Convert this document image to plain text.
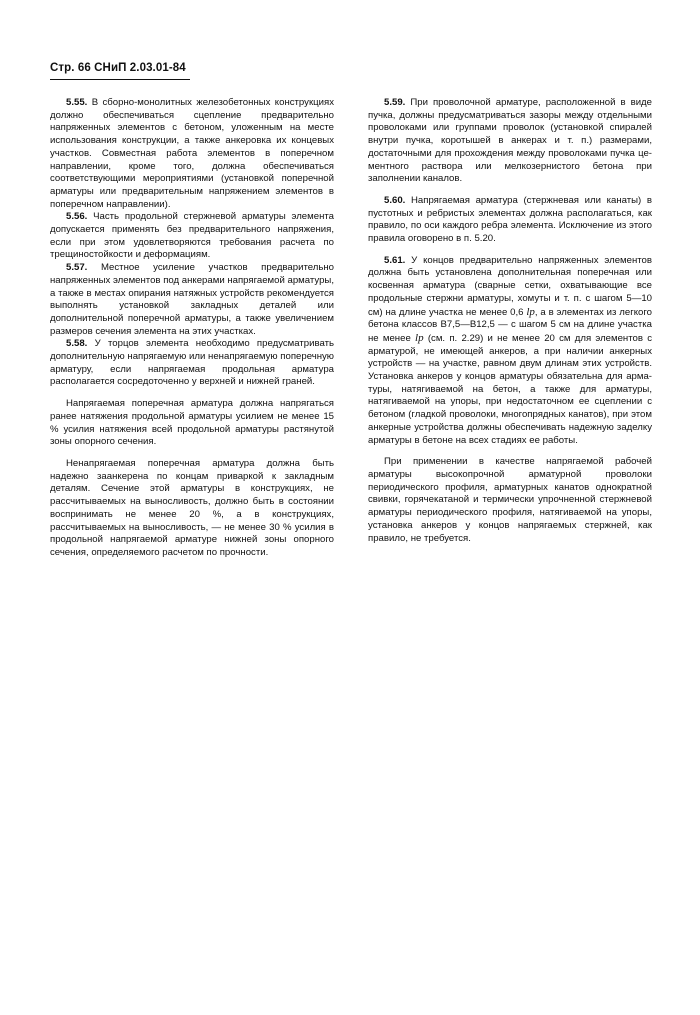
Стр. 66 СНиП 2.03.01-84

5.55. В сборно-монолитных железобетонных конструкциях должно обеспечиваться сцепление предварительно напряженных элементов с бетоном, уложенным на месте использования конструкции, а также анкеровка их концевых участков. Совместная работа элементов в поперечном направлении, кроме того, должна обеспечиваться соответствующими мероприятиями (установкой поперечной арматуры или предварительным напряжением элементов в поперечном направлении).

5.56. Часть продольной стержневой арматуры элемента допускается применять без предварительного напряжения, если при этом удовлетворяются требования расчета по трещиностойкости и деформациям.

5.57. Местное усиление участков предварительно напряженных элементов под анкерами напрягаемой арматуры, а также в местах опирания натяжных устройств рекомендуется выполнять установкой закладных деталей или дополнительной поперечной арматуры, а также увеличением размеров сечения элемента на этих участках.

5.58. У торцов элемента необходимо предусматривать дополнительную напрягаемую или ненапрягаемую поперечную арматуру, если напрягаемая продольная арматура располагается сосредоточенно у верхней и нижней граней.

Напрягаемая поперечная арматура должна напрягаться ранее натяжения продольной арматуры усилием не менее 15 % усилия натяжения всей продольной арматуры растянутой зоны опорного сечения.

Ненапрягаемая поперечная арматура должна быть надежно заанкерена по концам приваркой к закладным деталям. Сечение этой арматуры в конструкциях, не рассчитываемых на выносливость, должно быть в состоянии воспринимать не менее 20 %, а в конструкциях, рассчитываемых на выносливость, — не менее 30 % усилия в продольной напрягаемой арматуре нижней зоны опорного сечения, определяемого расчетом по прочности.

5.59. При проволочной арматуре, расположенной в виде пучка, должны предусматриваться зазоры между отдельными проволоками или группами проволок (установкой спиралей внутри пучка, коротышей в анкерах и т. п.) размерами, достаточными для прохождения между проволоками пучка цементного раствора или мелкозернистого бетона при заполнении каналов.

5.60. Напрягаемая арматура (стержневая или канаты) в пустотных и ребристых элементах должна располагаться, как правило, по оси каждого ребра элемента. Исключение из этого правила оговорено в п. 5.20.

5.61. У концов предварительно напряженных элементов должна быть установлена дополнительная поперечная или косвенная арматура (сварные сетки, охватывающие все продольные стержни арматуры, хомуты и т. п. с шагом 5—10 см) на длине участка не менее 0,6 lp, а в элементах из легкого бетона классов В7,5—В12,5 — с шагом 5 см на длине участка не менее lp (см. п. 2.29) и не менее 20 см для элементов с арматурой, не имеющей анкеров, а при наличии анкерных устройств — на участке, равном двум длинам этих устройств. Установка анкеров у концов арматуры обязательна для арматуры, натягиваемой на бетон, а также для арматуры, натягиваемой на упоры, при недостаточном ее сцеплении с бетоном (гладкой проволоки, многопрядных канатов), при этом анкерные устройства должны обеспечивать надежную заделку арматуры в бетоне на всех стадиях ее работы.

При применении в качестве напрягаемой рабочей арматуры высокопрочной арматурной проволоки периодического профиля, арматурных канатов однократной свивки, горячекатаной и термически упрочненной стержневой арматуры периодического профиля, натягиваемой на упоры, установка анкеров у концов напрягаемых стержней, как правило, не требуется.
